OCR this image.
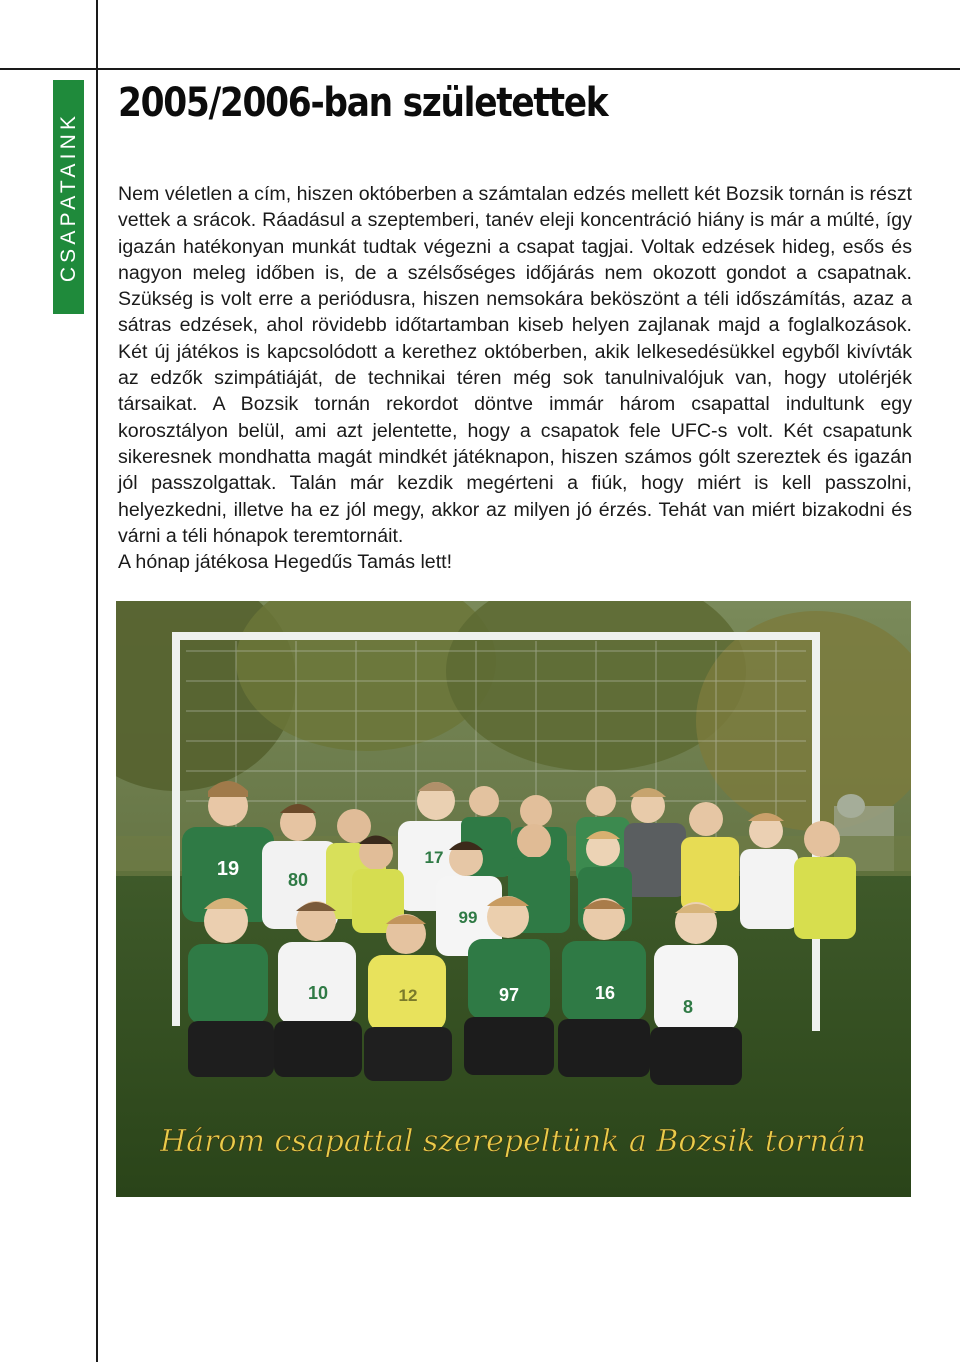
CSAPATAINK
2005/2006-ban születettek

Nem véletlen a cím, hiszen októberben a számtalan edzés mellett két Bozsik tornán is részt vettek a srácok. Ráadásul a szeptemberi, tanév eleji koncentráció hiány is már a múlté, így igazán hatékonyan munkát tudtak végezni a csapat tagjai. Voltak edzések hideg, esős és nagyon meleg időben is, de a szélsőséges időjárás nem okozott gondot a csapatnak. Szükség is volt erre a periódusra, hiszen nemsokára beköszönt a téli időszámítás, azaz a sátras edzések, ahol rövidebb időtartamban kiseb helyen zajlanak majd a foglalkozások. Két új játékos is kapcsolódott a kerethez októberben, akik lelkesedésükkel egyből kivívták az edzők szimpátiáját, de technikai téren még sok tanulnivalójuk van, hogy utolérjék társaikat. A Bozsik tornán rekordot döntve immár három csapattal indultunk egy korosztályon belül, ami azt jelentette, hogy a csapatok fele UFC-s volt. Két csapatunk sikeresnek mondhatta magát mindkét játéknapon, hiszen számos gólt szereztek és igazán jól passzolgattak. Talán már kezdik megérteni a fiúk, hogy miért is kell passzolni, helyezkedni, illetve ha ez jól megy, akkor az milyen jó érzés. Tehát van miért bizakodni és várni a téli hónapok teremtornáit.

A hónap játékosa Hegedűs Tamás lett!

19	80
17
99
10	12	97	16
8
Három csapattal szerepeltünk a Bozsik tornán
